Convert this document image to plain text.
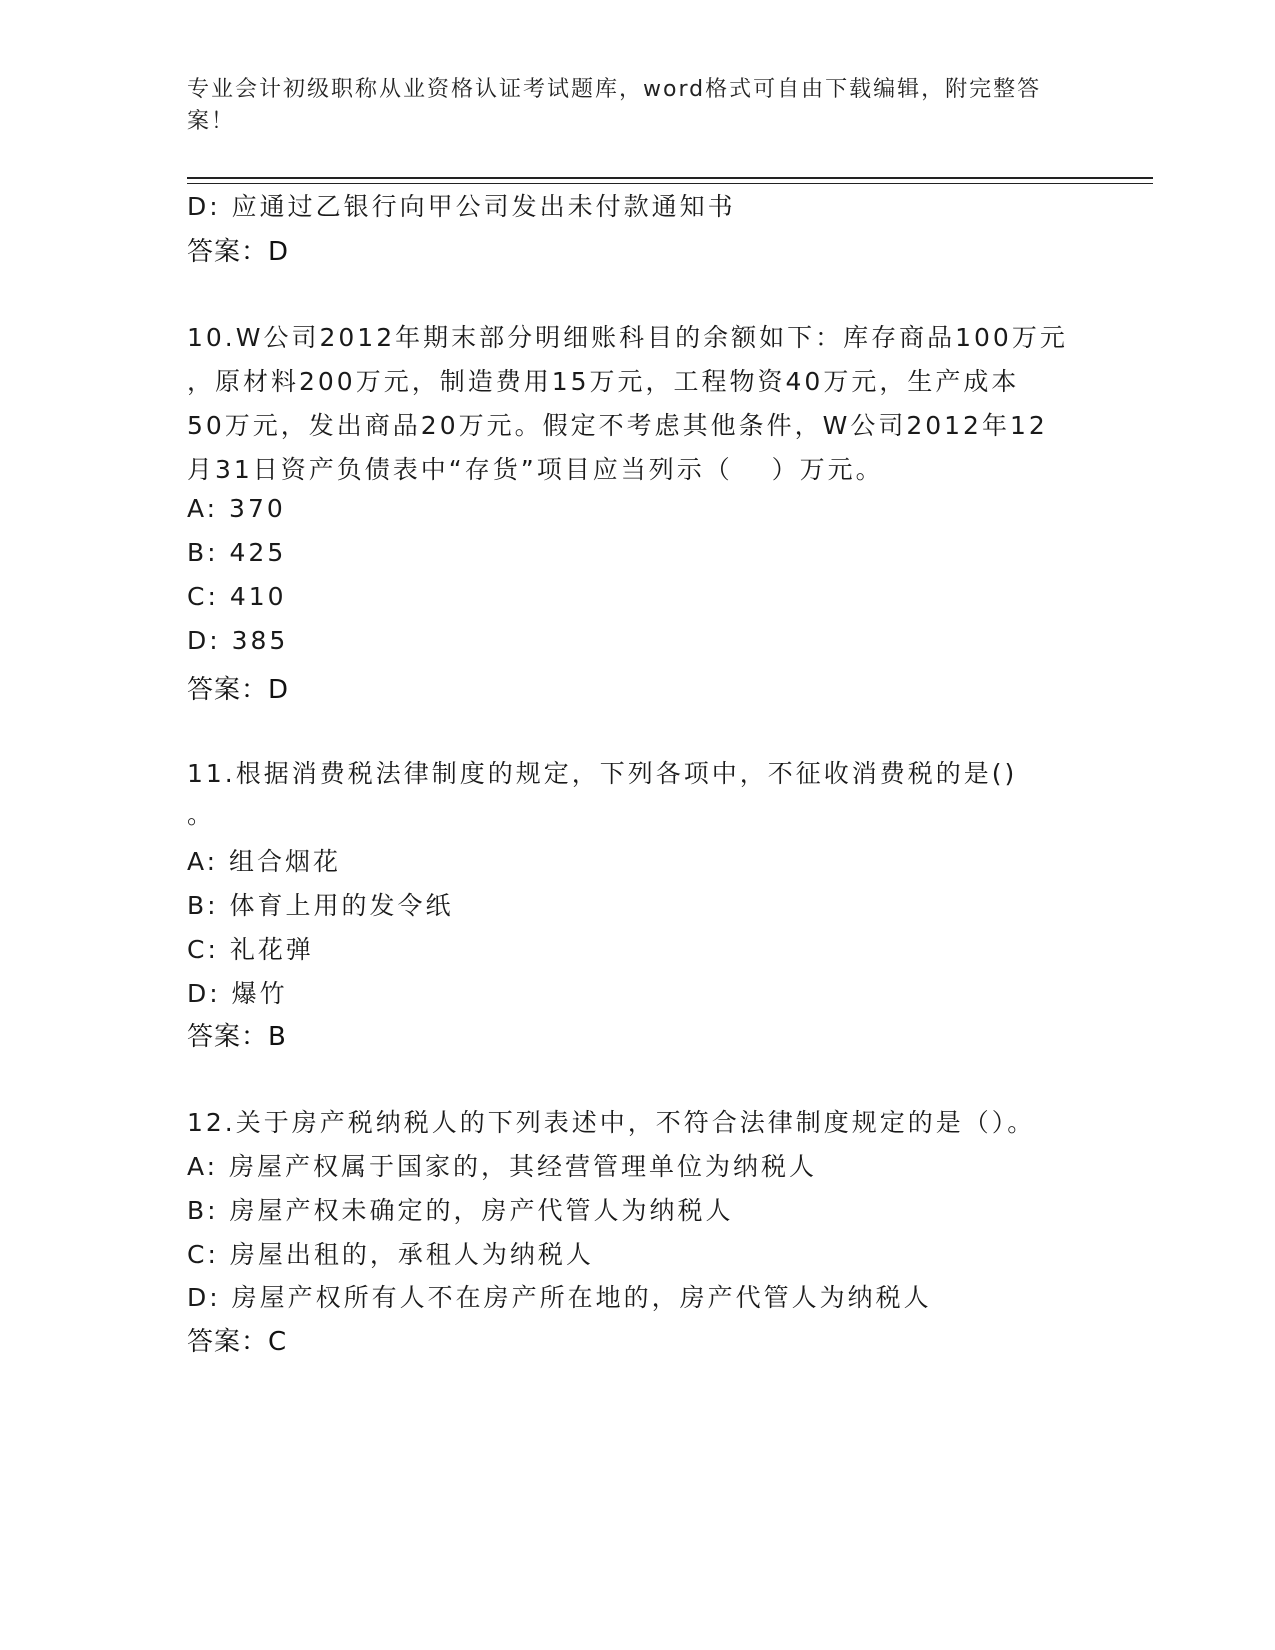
专业会计初级职称从业资格认证考试题库，word格式可自由下载编辑，附完整答
案！
D: 应通过乙银行向甲公司发出未付款通知书
答案：D
10.W公司2012年期末部分明细账科目的余额如下：库存商品100万元
，原材料200万元，制造费用15万元，工程物资40万元，生产成本
50万元，发出商品20万元。假定不考虑其他条件，W公司2012年12
月31日资产负债表中“存货”项目应当列示（　 ）万元。
A: 370
B: 425
C: 410
D: 385
答案：D
11.根据消费税法律制度的规定，下列各项中，不征收消费税的是()
。
A: 组合烟花
B: 体育上用的发令纸
C: 礼花弹
D: 爆竹
答案：B
12.关于房产税纳税人的下列表述中，不符合法律制度规定的是（）。
A: 房屋产权属于国家的，其经营管理单位为纳税人
B: 房屋产权未确定的，房产代管人为纳税人
C: 房屋出租的，承租人为纳税人
D: 房屋产权所有人不在房产所在地的，房产代管人为纳税人
答案：C
